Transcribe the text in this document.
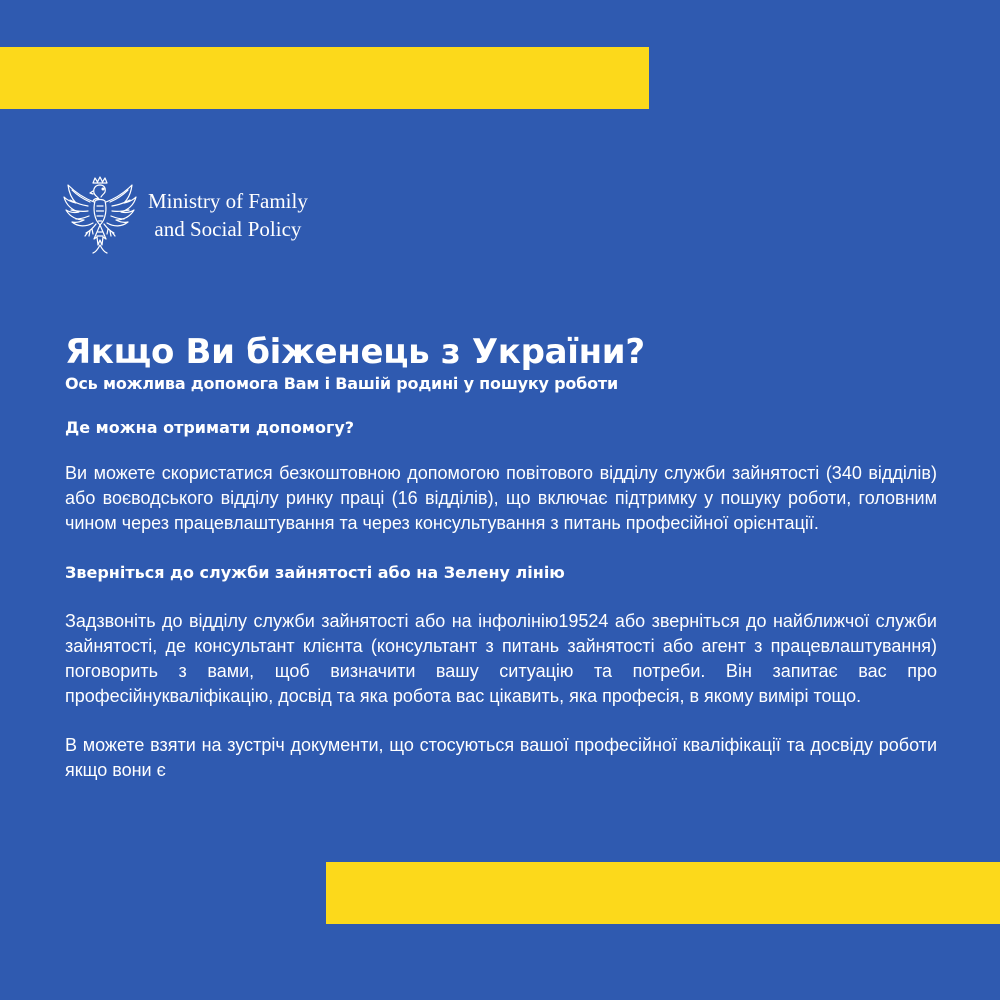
Ministry of Family
and Social Policy
Якщо Ви біженець з України?

Ось можлива допомога Вам і Вашій родині у пошуку роботи

Де можна отримати допомогу?

Ви можете скористатися безкоштовною допомогою повітового відділу служби зайнятості (340 відділів) або воєводського відділу ринку праці (16 відділів), що включає підтримку у пошуку роботи, головним чином через працевлаштування та через консультування з питань професійної орієнтації.

Зверніться до служби зайнятості або на Зелену лінію

Задзвоніть до відділу служби зайнятості або на інфолінію19524 або зверніться до найближчої служби зайнятості, де консультант клієнта (консультант з питань зайнятості або агент з працевлаштування) поговорить з вами, щоб визначити вашу ситуацію та потреби. Він запитає вас про професійнукваліфікацію, досвід та яка робота вас цікавить, яка професія, в якому вимірі тощо.

В можете взяти на зустріч документи, що стосуються вашої професійної кваліфікації та досвіду роботи якщо вони є
